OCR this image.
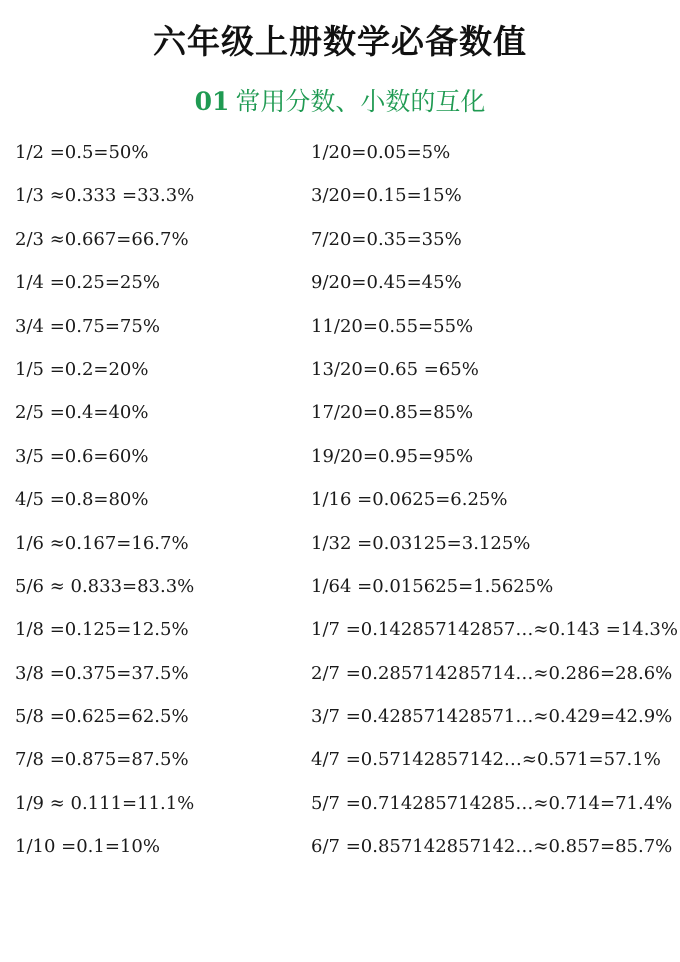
六年级上册数学必备数值
01 常用分数、小数的互化
1/2 =0.5=50%
1/3 ≈0.333 =33.3%
2/3 ≈0.667=66.7%
1/4 =0.25=25%
3/4 =0.75=75%
1/5 =0.2=20%
2/5 =0.4=40%
3/5 =0.6=60%
4/5 =0.8=80%
1/6 ≈0.167=16.7%
5/6 ≈ 0.833=83.3%
1/8 =0.125=12.5%
3/8 =0.375=37.5%
5/8 =0.625=62.5%
7/8 =0.875=87.5%
1/9 ≈ 0.111=11.1%
1/10 =0.1=10%
1/20=0.05=5%
3/20=0.15=15%
7/20=0.35=35%
9/20=0.45=45%
11/20=0.55=55%
13/20=0.65 =65%
17/20=0.85=85%
19/20=0.95=95%
1/16 =0.0625=6.25%
1/32 =0.03125=3.125%
1/64 =0.015625=1.5625%
1/7 =0.142857142857…≈0.143 =14.3%
2/7 =0.285714285714…≈0.286=28.6%
3/7 =0.428571428571…≈0.429=42.9%
4/7 =0.57142857142…≈0.571=57.1%
5/7 =0.714285714285…≈0.714=71.4%
6/7 =0.857142857142…≈0.857=85.7%
